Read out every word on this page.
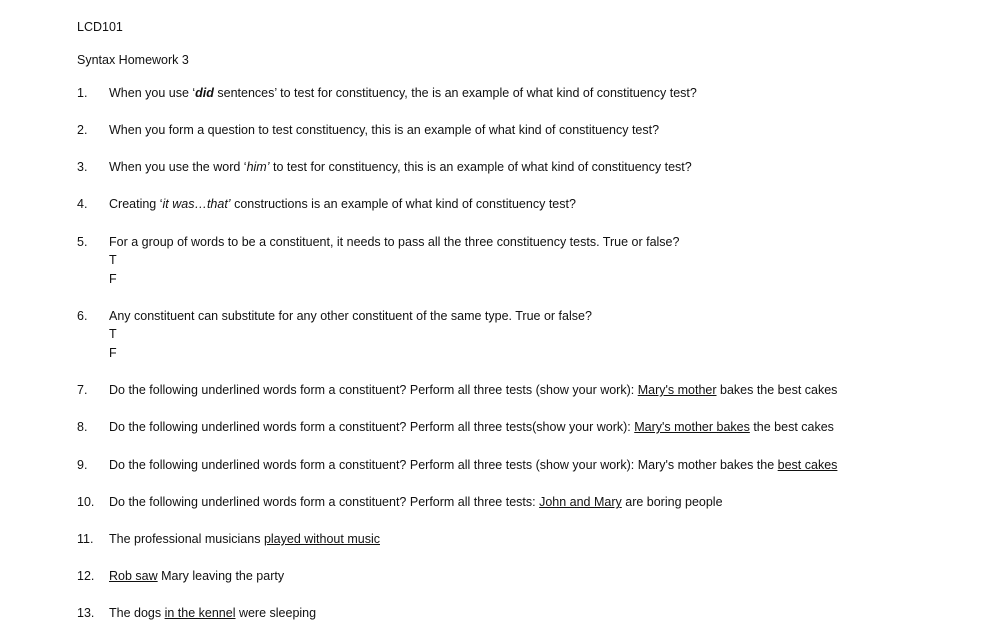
LCD101
Syntax Homework 3
1. When you use ‘did sentences’ to test for constituency, the is an example of what kind of constituency test?
2. When you form a question to test constituency, this is an example of what kind of constituency test?
3. When you use the word ‘him’ to test for constituency, this is an example of what kind of constituency test?
4. Creating ‘it was…that’ constructions is an example of what kind of constituency test?
5. For a group of words to be a constituent, it needs to pass all the three constituency tests. True or false?
T
F
6. Any constituent can substitute for any other constituent of the same type. True or false?
T
F
7. Do the following underlined words form a constituent? Perform all three tests (show your work): Mary's mother bakes the best cakes
8. Do the following underlined words form a constituent? Perform all three tests(show your work): Mary's mother bakes the best cakes
9. Do the following underlined words form a constituent? Perform all three tests (show your work): Mary's mother bakes the best cakes
10. Do the following underlined words form a constituent? Perform all three tests: John and Mary are boring people
11. The professional musicians played without music
12. Rob saw Mary leaving the party
13. The dogs in the kennel were sleeping
